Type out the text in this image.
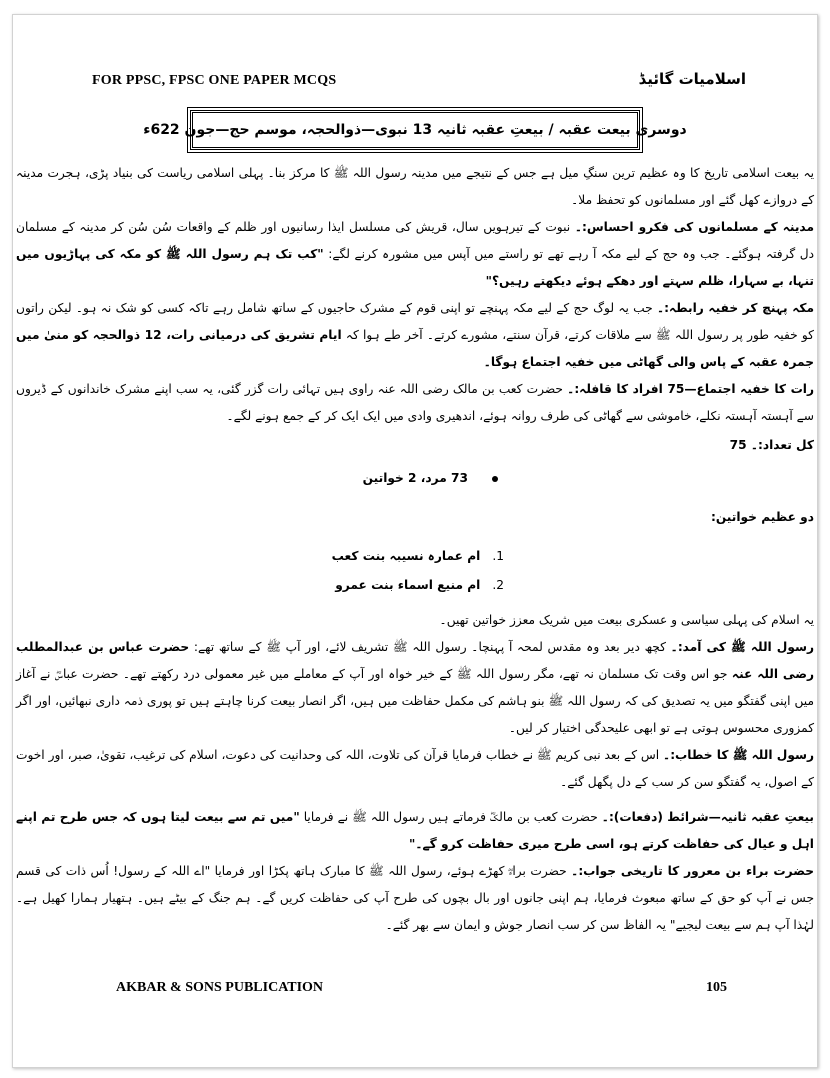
FOR PPSC, FPSC ONE PAPER MCQS	اسلامیات گائیڈ
دوسری بیعت عقبہ / بیعتِ عقبہ ثانیہ 13 نبوی—ذوالحجہ، موسم حج—جون 622ء

یہ بیعت اسلامی تاریخ کا وہ عظیم ترین سنگِ میل ہے جس کے نتیجے میں مدینہ رسول اللہ ﷺ کا مرکز بنا۔ پہلی اسلامی ریاست کی بنیاد پڑی، ہجرت مدینہ کے دروازے کھل گئے اور مسلمانوں کو تحفظ ملا۔

مدینہ کے مسلمانوں کی فکرو احساس:۔ نبوت کے تیرہویں سال، قریش کی مسلسل ایذا رسانیوں اور ظلم کے واقعات سُن سُن کر مدینہ کے مسلمان دل گرفتہ ہوگئے۔ جب وہ حج کے لیے مکہ آ رہے تھے تو راستے میں آپس میں مشورہ کرنے لگے: "کب تک ہم رسول اللہ ﷺ کو مکہ کی پہاڑیوں میں تنہا، بے سہارا، ظلم سہتے اور دھکے ہوئے دیکھتے رہیں؟"

مکہ پہنچ کر خفیہ رابطہ:۔ جب یہ لوگ حج کے لیے مکہ پہنچے تو اپنی قوم کے مشرک حاجیوں کے ساتھ شامل رہے تاکہ کسی کو شک نہ ہو۔ لیکن راتوں کو خفیہ طور پر رسول اللہ ﷺ سے ملاقات کرتے، قرآن سنتے، مشورے کرتے۔ آخر طے ہوا کہ ایام تشریق کی درمیانی رات، 12 ذوالحجہ کو منیٰ میں جمرہ عقبہ کے پاس والی گھاٹی میں خفیہ اجتماع ہوگا۔

رات کا خفیہ اجتماع—75 افراد کا قافلہ:۔ حضرت کعب بن مالک رضی اللہ عنہ راوی ہیں تہائی رات گزر گئی، یہ سب اپنے مشرک خاندانوں کے ڈیروں سے آہستہ آہستہ نکلے، خاموشی سے گھاٹی کی طرف روانہ ہوئے، اندھیری وادی میں ایک ایک کر کے جمع ہونے لگے۔

کل تعداد:۔ 75

73 مرد، 2 خواتین

دو عظیم خواتین:

1.ام عمارہ نسیبہ بنت کعب
2.ام منیع اسماء بنت عمرو

یہ اسلام کی پہلی سیاسی و عسکری بیعت میں شریک معزز خواتین تھیں۔

رسول اللہ ﷺ کی آمد:۔ کچھ دیر بعد وہ مقدس لمحہ آ پہنچا۔ رسول اللہ ﷺ تشریف لائے، اور آپ ﷺ کے ساتھ تھے: حضرت عباس بن عبدالمطلب رضی اللہ عنہ جو اس وقت تک مسلمان نہ تھے، مگر رسول اللہ ﷺ کے خیر خواہ اور آپ کے معاملے میں غیر معمولی درد رکھتے تھے۔ حضرت عباسؓ نے آغاز میں اپنی گفتگو میں یہ تصدیق کی کہ رسول اللہ ﷺ بنو ہاشم کی مکمل حفاظت میں ہیں، اگر انصار بیعت کرنا چاہتے ہیں تو پوری ذمہ داری نبھائیں، اور اگر کمزوری محسوس ہوتی ہے تو ابھی علیحدگی اختیار کر لیں۔

رسول اللہ ﷺ کا خطاب:۔ اس کے بعد نبی کریم ﷺ نے خطاب فرمایا قرآن کی تلاوت، اللہ کی وحدانیت کی دعوت، اسلام کی ترغیب، تقویٰ، صبر، اور اخوت کے اصول، یہ گفتگو سن کر سب کے دل پگھل گئے۔

بیعتِ عقبہ ثانیہ—شرائط (دفعات):۔ حضرت کعب بن مالکؓ فرماتے ہیں رسول اللہ ﷺ نے فرمایا "میں تم سے بیعت لیتا ہوں کہ جس طرح تم اپنے اہل و عیال کی حفاظت کرتے ہو، اسی طرح میری حفاظت کرو گے۔"

حضرت براء بن معرور کا تاریخی جواب:۔ حضرت براءؓ کھڑے ہوئے، رسول اللہ ﷺ کا مبارک ہاتھ پکڑا اور فرمایا "اے اللہ کے رسول! اُس ذات کی قسم جس نے آپ کو حق کے ساتھ مبعوث فرمایا، ہم اپنی جانوں اور بال بچوں کی طرح آپ کی حفاظت کریں گے۔ ہم جنگ کے بیٹے ہیں۔ ہتھیار ہمارا کھیل ہے۔ لہٰذا آپ ہم سے بیعت لیجیے" یہ الفاظ سن کر سب انصار جوش و ایمان سے بھر گئے۔

AKBAR & SONS PUBLICATION	105
